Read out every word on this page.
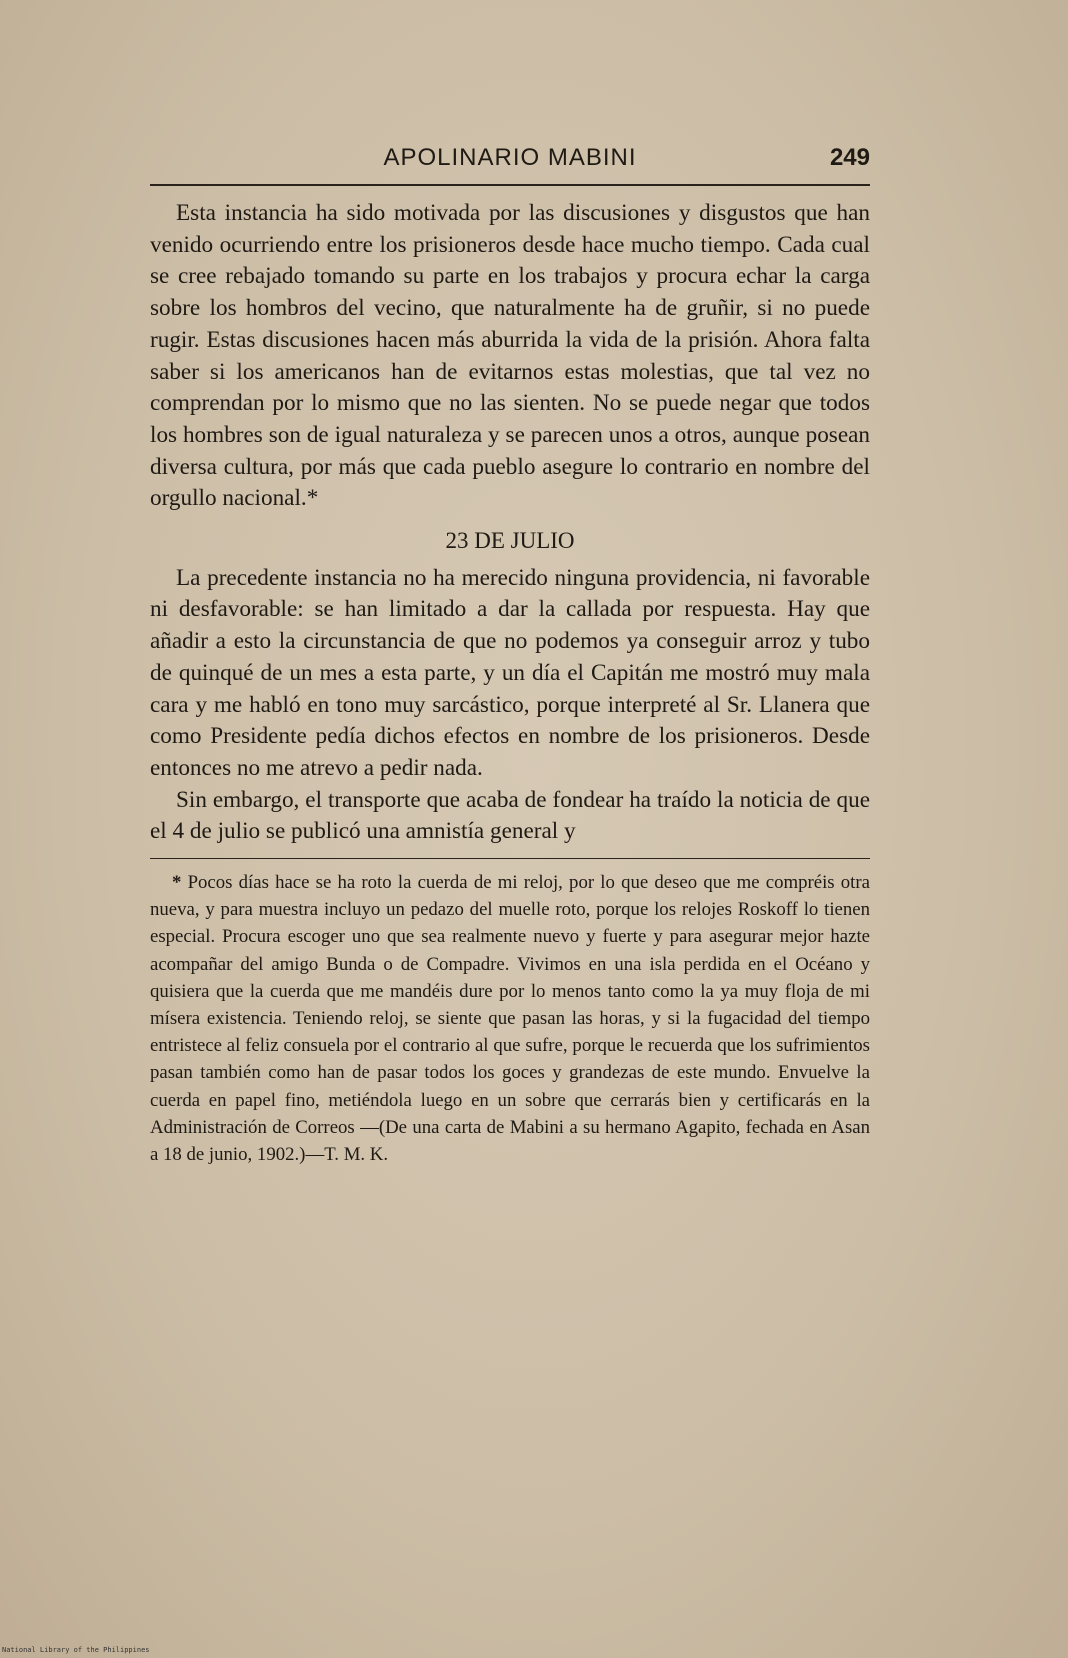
APOLINARIO MABINI	249

Esta instancia ha sido motivada por las discusiones y disgustos que han venido ocurriendo entre los prisioneros desde hace mucho tiempo. Cada cual se cree rebajado tomando su parte en los trabajos y procura echar la carga sobre los hombros del vecino, que naturalmente ha de gruñir, si no puede rugir. Estas discusiones hacen más aburrida la vida de la prisión. Ahora falta saber si los americanos han de evitarnos estas molestias, que tal vez no comprendan por lo mismo que no las sienten. No se puede negar que todos los hombres son de igual naturaleza y se parecen unos a otros, aunque posean diversa cultura, por más que cada pueblo asegure lo contrario en nombre del orgullo nacional.*

23 DE JULIO

La precedente instancia no ha merecido ninguna providencia, ni favorable ni desfavorable: se han limitado a dar la callada por respuesta. Hay que añadir a esto la circunstancia de que no podemos ya conseguir arroz y tubo de quinqué de un mes a esta parte, y un día el Capitán me mostró muy mala cara y me habló en tono muy sarcástico, porque interpreté al Sr. Llanera que como Presidente pedía dichos efectos en nombre de los prisioneros. Desde entonces no me atrevo a pedir nada.

Sin embargo, el transporte que acaba de fondear ha traído la noticia de que el 4 de julio se publicó una amnistía general y

* Pocos días hace se ha roto la cuerda de mi reloj, por lo que deseo que me compréis otra nueva, y para muestra incluyo un pedazo del muelle roto, porque los relojes Roskoff lo tienen especial. Procura escoger uno que sea realmente nuevo y fuerte y para asegurar mejor hazte acompañar del amigo Bunda o de Compadre. Vivimos en una isla perdida en el Océano y quisiera que la cuerda que me mandéis dure por lo menos tanto como la ya muy floja de mi mísera existencia. Teniendo reloj, se siente que pasan las horas, y si la fugacidad del tiempo entristece al feliz consuela por el contrario al que sufre, porque le recuerda que los sufrimientos pasan también como han de pasar todos los goces y grandezas de este mundo. Envuelve la cuerda en papel fino, metiéndola luego en un sobre que cerrarás bien y certificarás en la Administración de Correos —(De una carta de Mabini a su hermano Agapito, fechada en Asan a 18 de junio, 1902.)—T. M. K.

National Library of the Philippines
